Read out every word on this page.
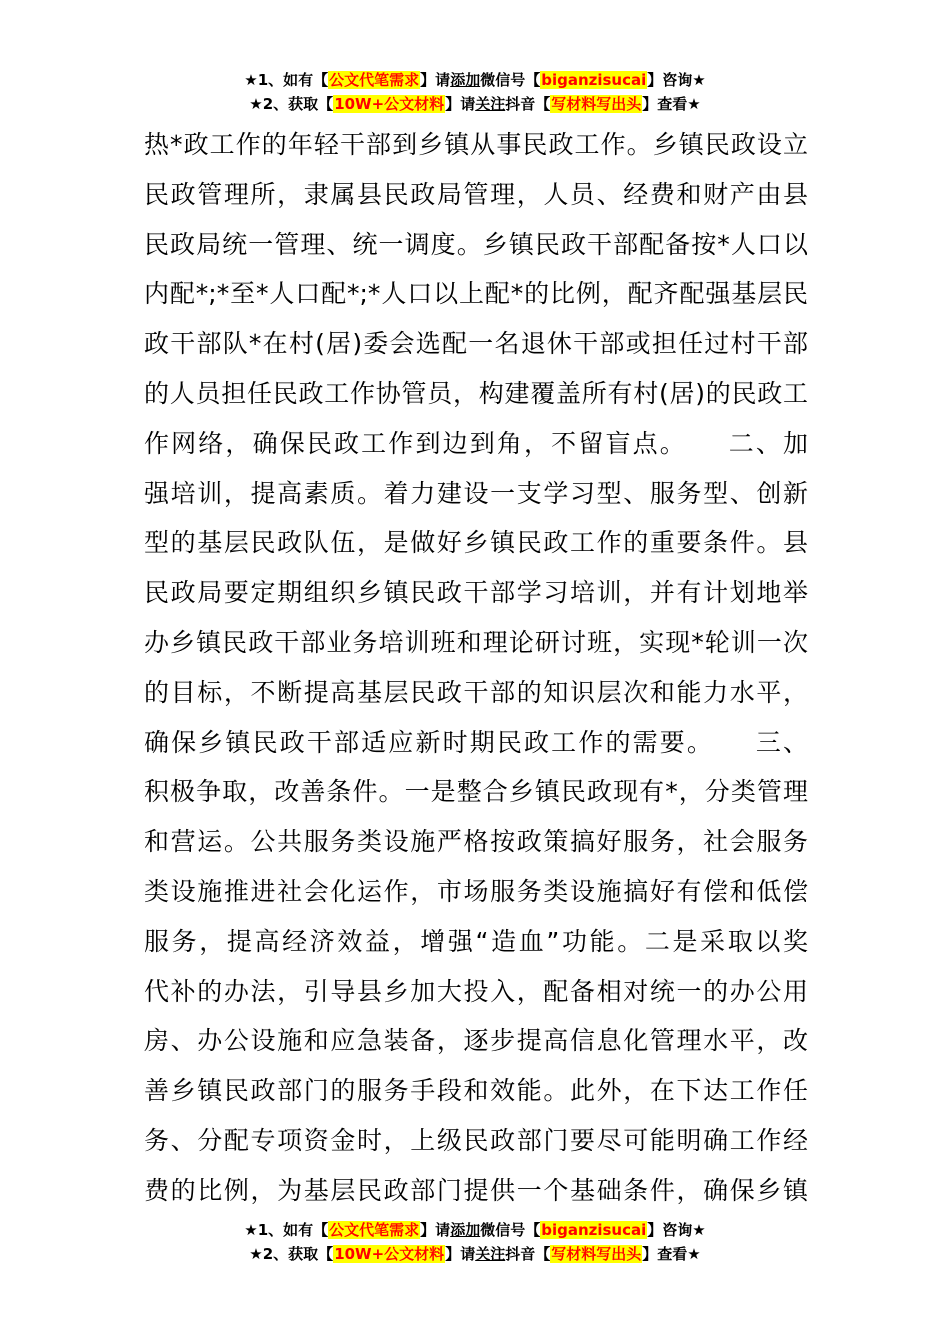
★1、如有【公文代笔需求】请添加微信号【biganzisucai】咨询★
★2、获取【10W+公文材料】请关注抖音【写材料写出头】查看★
热*政工作的年轻干部到乡镇从事民政工作。乡镇民政设立
民政管理所，隶属县民政局管理，人员、经费和财产由县
民政局统一管理、统一调度。乡镇民政干部配备按*人口以
内配*;*至*人口配*;*人口以上配*的比例，配齐配强基层民
政干部队*在村(居)委会选配一名退休干部或担任过村干部
的人员担任民政工作协管员，构建覆盖所有村(居)的民政工
作网络，确保民政工作到边到角，不留盲点。　　二、加
强培训，提高素质。着力建设一支学习型、服务型、创新
型的基层民政队伍，是做好乡镇民政工作的重要条件。县
民政局要定期组织乡镇民政干部学习培训，并有计划地举
办乡镇民政干部业务培训班和理论研讨班，实现*轮训一次
的目标，不断提高基层民政干部的知识层次和能力水平，
确保乡镇民政干部适应新时期民政工作的需要。　　三、
积极争取，改善条件。一是整合乡镇民政现有*，分类管理
和营运。公共服务类设施严格按政策搞好服务，社会服务
类设施推进社会化运作，市场服务类设施搞好有偿和低偿
服务，提高经济效益，增强“造血”功能。二是采取以奖
代补的办法，引导县乡加大投入，配备相对统一的办公用
房、办公设施和应急装备，逐步提高信息化管理水平，改
善乡镇民政部门的服务手段和效能。此外，在下达工作任
务、分配专项资金时，上级民政部门要尽可能明确工作经
费的比例，为基层民政部门提供一个基础条件，确保乡镇
★1、如有【公文代笔需求】请添加微信号【biganzisucai】咨询★
★2、获取【10W+公文材料】请关注抖音【写材料写出头】查看★
